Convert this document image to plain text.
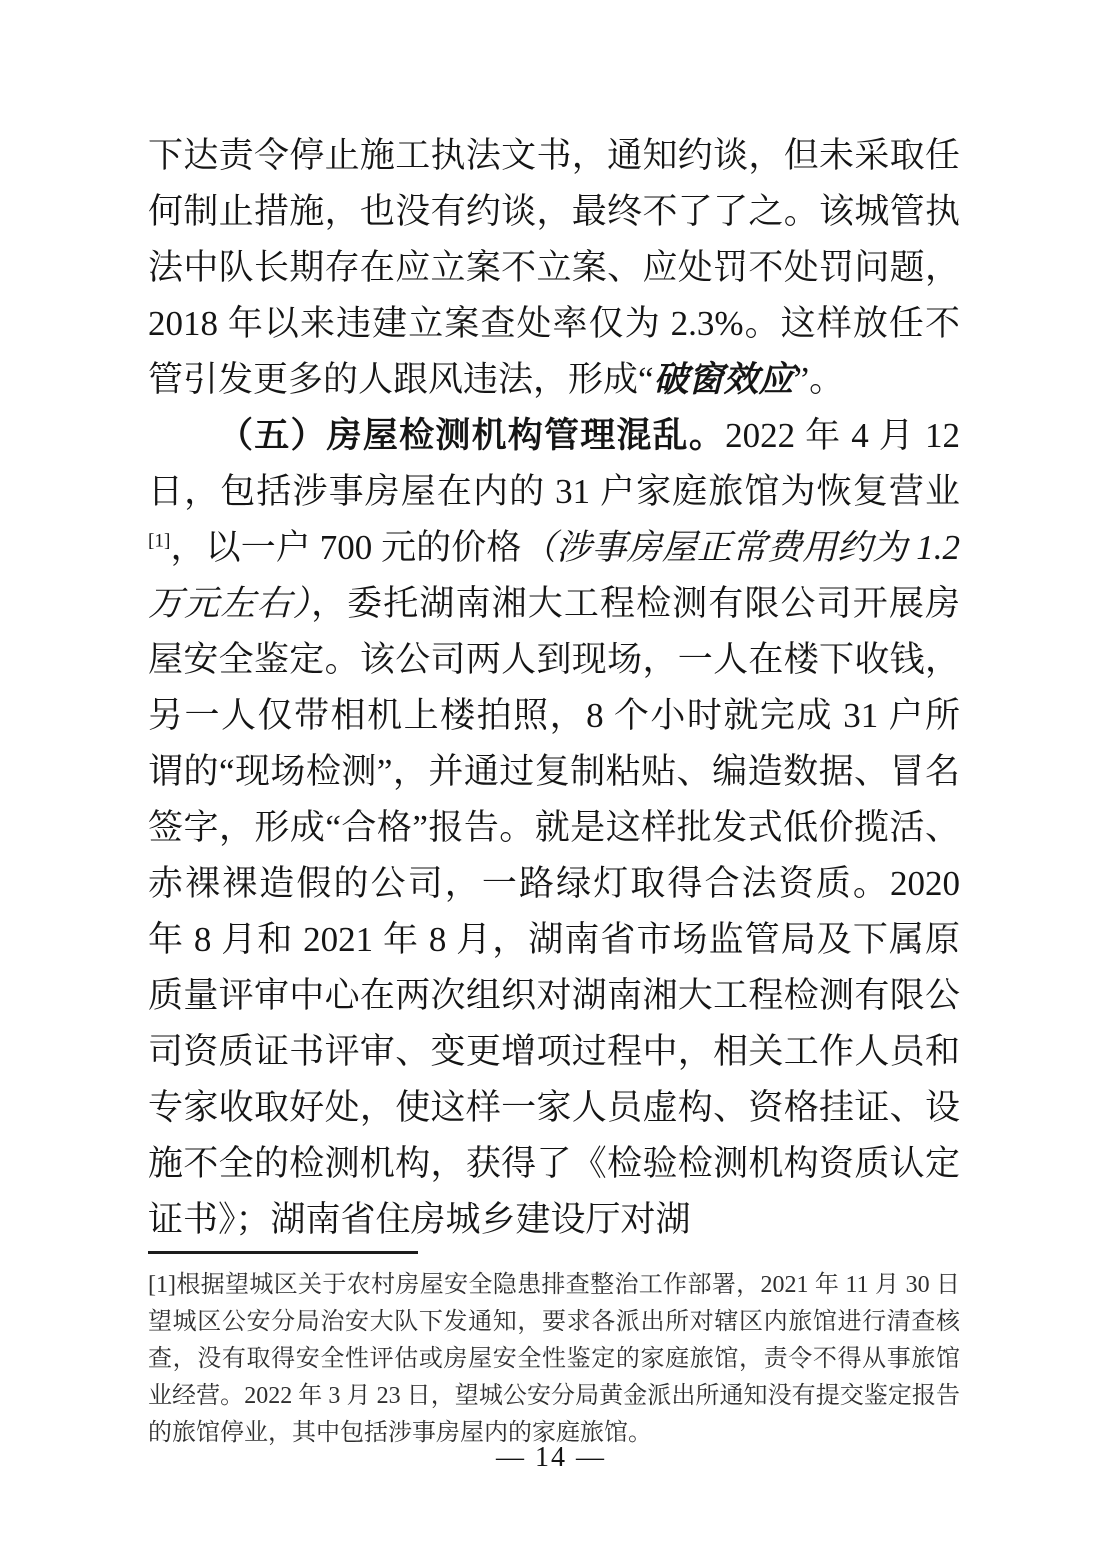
下达责令停止施工执法文书，通知约谈，但未采取任何制止措施，也没有约谈，最终不了了之。该城管执法中队长期存在应立案不立案、应处罚不处罚问题，2018 年以来违建立案查处率仅为 2.3%。这样放任不管引发更多的人跟风违法，形成“破窗效应”。

（五）房屋检测机构管理混乱。2022 年 4 月 12 日，包括涉事房屋在内的 31 户家庭旅馆为恢复营业[1]，以一户 700 元的价格（涉事房屋正常费用约为 1.2 万元左右），委托湖南湘大工程检测有限公司开展房屋安全鉴定。该公司两人到现场，一人在楼下收钱，另一人仅带相机上楼拍照，8 个小时就完成 31 户所谓的“现场检测”，并通过复制粘贴、编造数据、冒名签字，形成“合格”报告。就是这样批发式低价揽活、赤裸裸造假的公司，一路绿灯取得合法资质。2020 年 8 月和 2021 年 8 月，湖南省市场监管局及下属原质量评审中心在两次组织对湖南湘大工程检测有限公司资质证书评审、变更增项过程中，相关工作人员和专家收取好处，使这样一家人员虚构、资格挂证、设施不全的检测机构，获得了《检验检测机构资质认定证书》；湖南省住房城乡建设厅对湖

[1]根据望城区关于农村房屋安全隐患排查整治工作部署，2021 年 11 月 30 日望城区公安分局治安大队下发通知，要求各派出所对辖区内旅馆进行清查核查，没有取得安全性评估或房屋安全性鉴定的家庭旅馆，责令不得从事旅馆业经营。2022 年 3 月 23 日，望城公安分局黄金派出所通知没有提交鉴定报告的旅馆停业，其中包括涉事房屋内的家庭旅馆。

— 14 —
